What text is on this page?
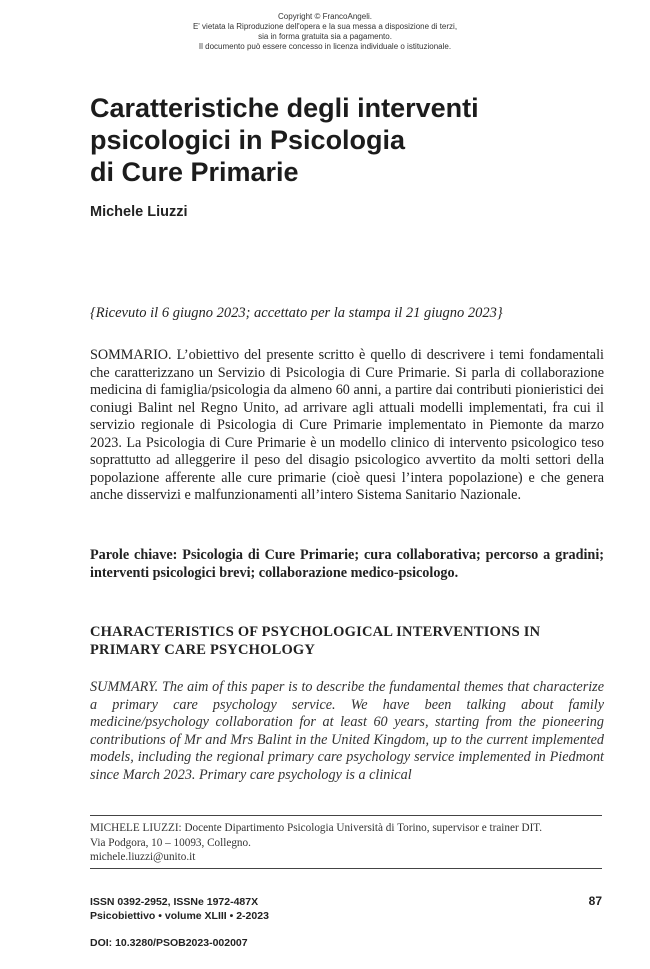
Copyright © FrancoAngeli.
E' vietata la Riproduzione dell'opera e la sua messa a disposizione di terzi,
sia in forma gratuita sia a pagamento.
Il documento può essere concesso in licenza individuale o istituzionale.
Caratteristiche degli interventi
psicologici in Psicologia
di Cure Primarie
Michele Liuzzi
{Ricevuto il 6 giugno 2023; accettato per la stampa il 21 giugno 2023}

SOMMARIO. L’obiettivo del presente scritto è quello di descrivere i temi fondamentali che caratterizzano un Servizio di Psicologia di Cure Primarie. Si parla di collaborazione medicina di famiglia/psicologia da almeno 60 anni, a partire dai contributi pionieristici dei coniugi Balint nel Regno Unito, ad arrivare agli attuali modelli implementati, fra cui il servizio regionale di Psicologia di Cure Primarie implementato in Piemonte da marzo 2023. La Psicologia di Cure Primarie è un modello clinico di intervento psicologico teso soprattutto ad alleggerire il peso del disagio psicologico avvertito da molti settori della popolazione afferente alle cure primarie (cioè quesi l’intera popolazione) e che genera anche disservizi e malfunzionamenti all’intero Sistema Sanitario Nazionale.

Parole chiave: Psicologia di Cure Primarie; cura collaborativa; percorso a gradini; interventi psicologici brevi; collaborazione medico-psicologo.

CHARACTERISTICS OF PSYCHOLOGICAL INTERVENTIONS IN PRIMARY CARE PSYCHOLOGY

SUMMARY. The aim of this paper is to describe the fundamental themes that characterize a primary care psychology service. We have been talking about family medicine/psychology collaboration for at least 60 years, starting from the pioneering contributions of Mr and Mrs Balint in the United Kingdom, up to the current implemented models, including the regional primary care psychology service implemented in Piedmont since March 2023. Primary care psychology is a clinical

MICHELE LIUZZI: Docente Dipartimento Psicologia Università di Torino, supervisor e trainer DIT.
Via Podgora, 10 – 10093, Collegno.
michele.liuzzi@unito.it
ISSN 0392-2952, ISSNe 1972-487X
Psicobiettivo • volume XLIII • 2-2023
DOI: 10.3280/PSOB2023-002007
87
